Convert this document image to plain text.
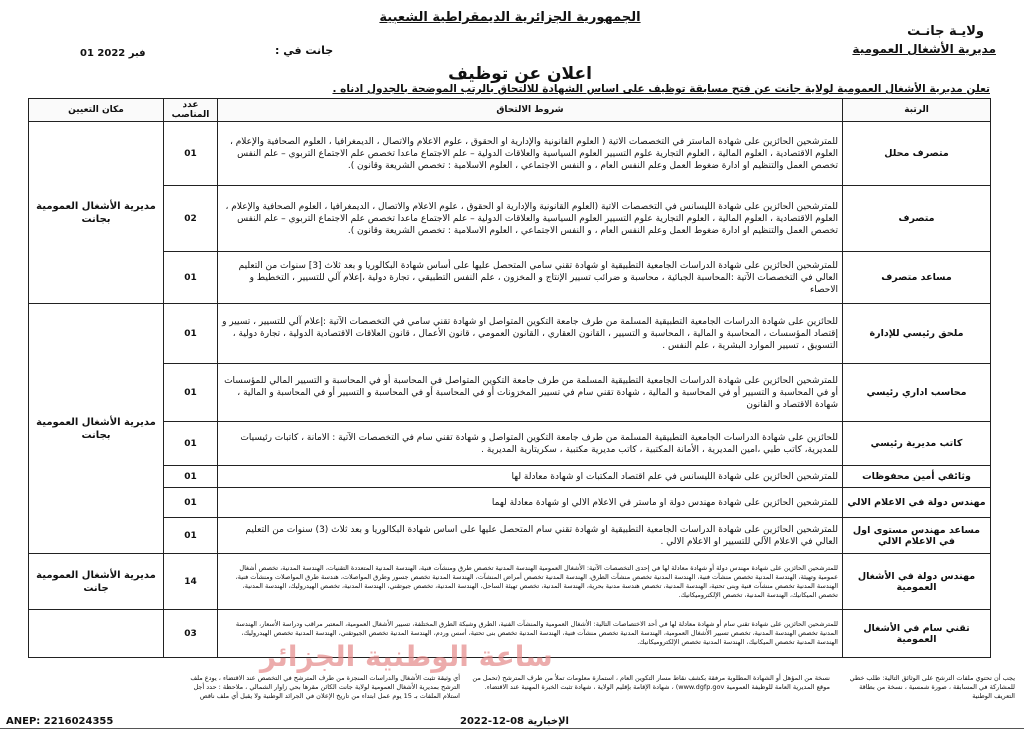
الجمهورية الجزائرية الديمقراطية الشعبية
ولايـة جانـت
مديرية الأشغال العمومية
جانت في :
01 فبر 2022
اعلان عن توظيف
تعلن مديرية الأشغال العمومية لولاية جانت عن فتح مسابقة توظيف على اساس الشهادة للالتحاق بالرتب الموضحة بالجدول ادناه .
الرتبة	شروط الالتحاق	عدد المناصب	مكان التعيين
متصرف محلل	للمترشحين الحائزين على شهادة الماستر في التخصصات الاتية ( العلوم القانونية والإدارية او الحقوق ، علوم الاعلام والاتصال ، الديمغرافيا ، العلوم الصحافية والإعلام ، العلوم الاقتصادية ، العلوم المالية ، العلوم التجارية علوم التسيير العلوم السياسية والعلاقات الدولية – علم الاجتماع ماعدا تخصص علم الاجتماع التربوي – علم النفس تخصص العمل والتنظيم او ادارة ضغوط العمل وعلم النفس العام ، و النفس الاجتماعي ، العلوم الاسلامية : تخصص الشريعة وقانون ).	01	مديرية الأشغال العمومية بجانت
متصرف	للمترشحين الحائزين على شهادة الليسانس في التخصصات الاتية (العلوم القانونية والإدارية او الحقوق ، علوم الاعلام والاتصال ، الديمغرافيا ، العلوم الصحافية والإعلام ، العلوم الاقتصادية ، العلوم المالية ، العلوم التجارية علوم التسيير العلوم السياسية والعلاقات الدولية – علم الاجتماع ماعدا تخصص علم الاجتماع التربوي – علم النفس تخصص العمل والتنظيم او ادارة ضغوط العمل وعلم النفس العام ، و النفس الاجتماعي ، العلوم الاسلامية : تخصص الشريعة وقانون ).	02	
مساعد متصرف	للمترشحين الحائزين على شهادة الدراسات الجامعية التطبيقية او شهادة تقني سامي المتحصل عليها على أساس شهادة البكالوريا و بعد ثلاث [3] سنوات من التعليم العالي في التخصصات الآتية :المحاسبة الجبائية ، محاسبة و ضرائب تسيير الإنتاج و المخزون ، علم النفس التطبيقي ، تجارة دولية ،إعلام آلي للتسيير ، التخطيط و الاحصاء	01	
ملحق رئيسي للإدارة	للحائزين على شهادة الدراسات الجامعية التطبيقية المسلمة من طرف جامعة التكوين المتواصل او شهادة تقني سامي في التخصصات الآتية :إعلام آلي للتسيير ، تسيير و إقتصاد المؤسسات ، المحاسبة و المالية ، المحاسبة و التسيير ، القانون العقاري ، القانون العمومي ، قانون الأعمال ، قانون العلاقات الاقتصادية الدولية ، تجارة دولية ، التسويق ، تسيير الموارد البشرية ، علم النفس .	01	مديرية الأشغال العمومية بجانت
محاسب اداري رئيسي	للمترشحين الحائزين على شهادة الدراسات الجامعية التطبيقية المسلمة من طرف جامعة التكوين المتواصل في المحاسبة أو في المحاسبة و التسيير المالي للمؤسسات أو في المحاسبة و التسيير أو في المحاسبة و المالية ، شهادة تقني سام في تسيير المخزونات أو في المحاسبة أو في المحاسبة و التسيير أو في المحاسبة و المالية ، شهادة الاقتصاد و القانون	01	
كاتب مديرية رئيسي	للحائزين على شهادة الدراسات الجامعية التطبيقية المسلمة من طرف جامعة التكوين المتواصل و شهادة تقني سام في التخصصات الآتية : الامانة ، كاتبات رئيسيات للمديرية، كاتب طبي ،امين المديرية ، الأمانة المكتبية ، كاتب مديرية مكتبية ، سكريتارية المديرية .	01	
وثائقي أمين محفوظات	للمترشحين الحائزين على شهادة الليسانس في علم اقتصاد المكتبات او شهادة معادلة لها	01	
مهندس دولة في الاعلام الالي	للمترشحين الحائزين على شهادة مهندس دولة او ماستر في الاعلام الالي او شهادة معادلة لهما	01	
مساعد مهندس مستوى اول في الاعلام الالي	للمترشحين الحائزين على شهادة الدراسات الجامعية التطبيقية او شهادة تقني سام المتحصل عليها على اساس شهادة البكالوريا و بعد ثلاث (3) سنوات من التعليم العالي في الاعلام الآلي للتسيير او الاعلام الالي .	01	
مهندس دولة في الأشغال العمومية	للمترشحين الحائزين على شهادة مهندس دولة أو شهادة معادلة لها في إحدى التخصصات الآتية: الأشغال العمومية الهندسة المدنية تخصص طرق ومنشآت فنية، الهندسة المدنية المتعددة التقنيات، الهندسة المدنية، تخصص أشغال عمومية وتهيئة، الهندسة المدنية تخصص منشآت فنية، الهندسة المدنية تخصص منشآت الطرق، الهندسة المدنية تخصص أمراض المنشآت، الهندسة المدنية تخصص جسور وطرق المواصلات، هندسة طرق المواصلات ومنشآت فنية، الهندسة المدنية تخصص منشآت فنية وبنى تحتية، الهندسة المدنية، تخصص هندسة مدنية بحرية، الهندسة المدنية، تخصص تهيئة الساحل، الهندسة المدنية، تخصص جيوتقني، الهندسة المدنية، تخصص الهيدروليك، الهندسة المدنية، تخصص الميكانيك، الهندسة المدنية، تخصص الإلكتروميكانيك.	14	مديرية الأشغال العمومية جانت
تقني سام في الأشغال العمومية	للمترشحين الحائزين على شهادة تقني سام أو شهادة معادلة لها في أحد الاختصاصات التالية: الأشغال العمومية والمنشآت الفنية، الطرق وشبكة الطرق المختلفة، تسيير الأشغال العمومية، المعتبر مراقب ودراسة الأسعار، الهندسة المدنية تخصص الهندسة المدنية، تخصص تسيير الأشغال العمومية، الهندسة المدنية تخصص منشآت فنية، الهندسة المدنية تخصص بنى تحتية، أسس وردم، الهندسة المدنية تخصص الجيوتقني، الهندسة المدنية تخصص الهيدروليك، الهندسة المدنية تخصص الميكانيك، الهندسة المدنية تخصص الإلكتروميكانيك.	03	
يجب أن تحتوي ملفات الترشح على الوثائق التالية: طلب خطي للمشاركة في المسابقة ، صورة شمسية ، نسخة من بطاقة التعريف الوطنية
نسخة من المؤهل أو الشهادة المطلوبة مرفقة بكشف نقاط مسار التكوين العام ، استمارة معلومات تملأ من طرف المترشح (تحمل من موقع المديرية العامة للوظيفة العمومية www.dgfp.gov) ، شهادة الإقامة بإقليم الولاية ، شهادة تثبت الخبرة المهنية عند الاقتضاء.
أي وثيقة تثبت الأشغال والدراسات المنجزة من طرف المترشح في التخصص عند الاقتضاء ، يودع ملف الترشح بمديرية الأشغال العمومية لولاية جانت الكائن مقرها بحي زاوار الشمالي ، ملاحظة : حدد أجل استلام الملفات بـ 15 يوم عمل ابتداء من تاريخ الإعلان في الجرائد الوطنية ولا يقبل أي ملف ناقص
ساعة الوطنية الجزائر
ANEP: 2216024355	الإخبارية 08-12-2022
